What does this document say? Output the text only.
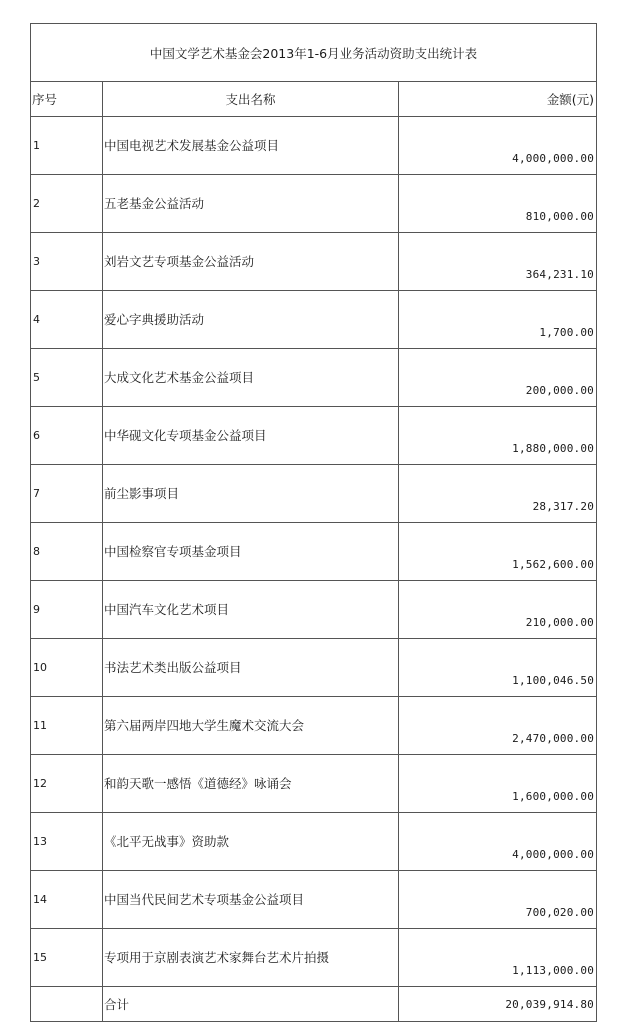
中国文学艺术基金会2013年1-6月业务活动资助支出统计表		
序号	支出名称	金额(元)
1	中国电视艺术发展基金公益项目	4,000,000.00

2	五老基金公益活动	810,000.00

3	刘岩文艺专项基金公益活动	364,231.10

4	爱心字典援助活动	1,700.00

5	大成文化艺术基金公益项目	200,000.00

6	中华砚文化专项基金公益项目	1,880,000.00

7	前尘影事项目	28,317.20

8	中国检察官专项基金项目	1,562,600.00

9	中国汽车文化艺术项目	210,000.00

10	书法艺术类出版公益项目	1,100,046.50

11	第六届两岸四地大学生魔术交流大会	2,470,000.00

12	和韵天歌一感悟《道德经》咏诵会	1,600,000.00

13	《北平无战事》资助款	4,000,000.00

14	中国当代民间艺术专项基金公益项目	700,020.00

15	专项用于京剧表演艺术家舞台艺术片拍摄	1,113,000.00

	合计	20,039,914.80
